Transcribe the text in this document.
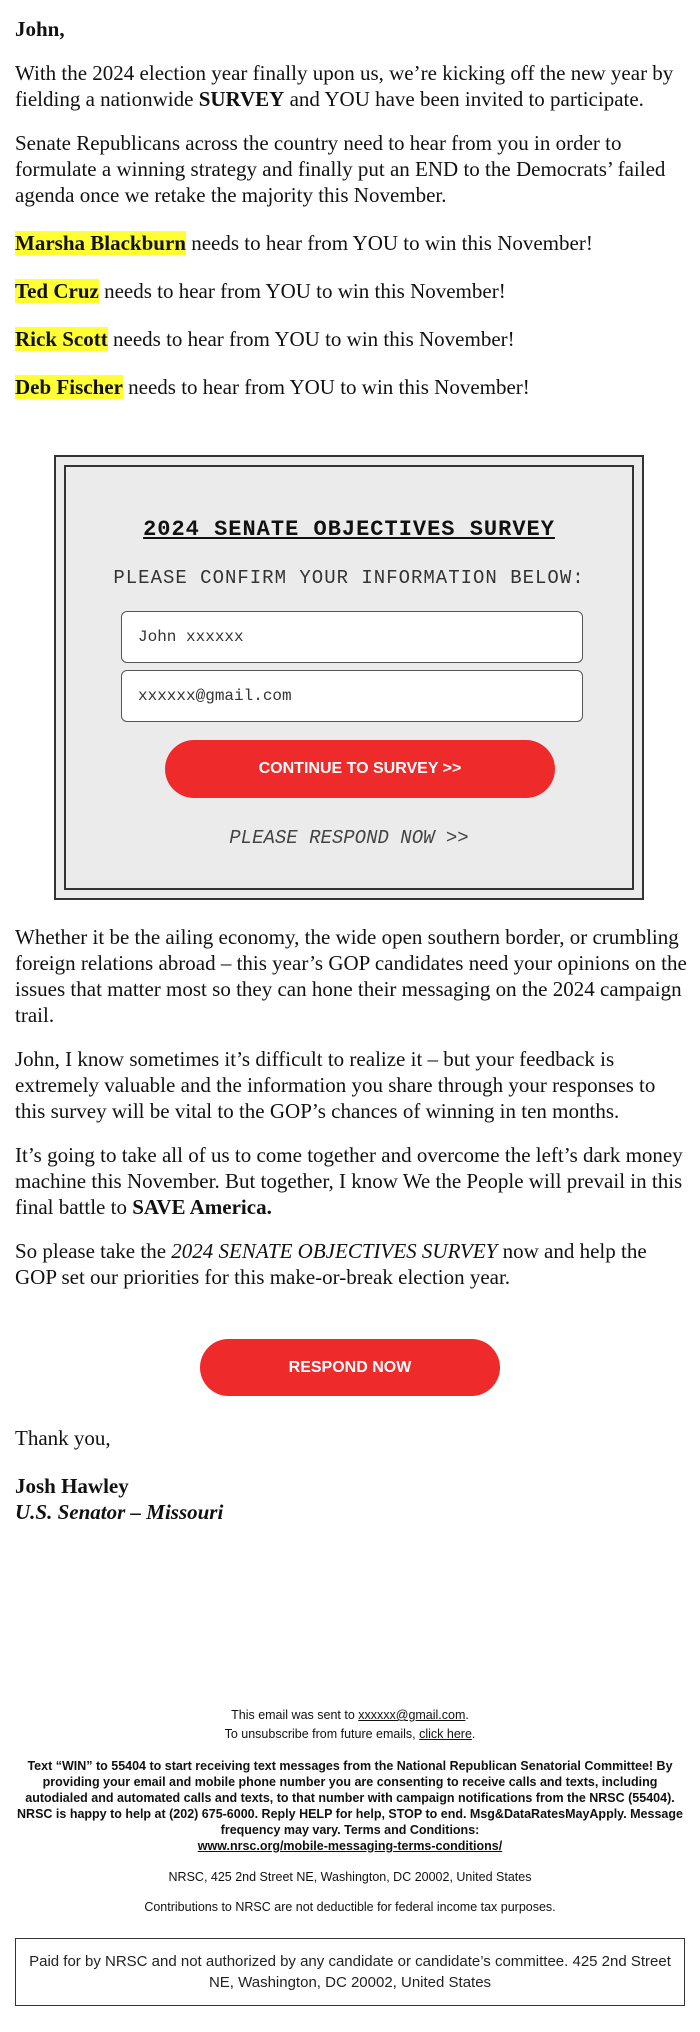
John,

With the 2024 election year finally upon us, we’re kicking off the new year by fielding a nationwide SURVEY and YOU have been invited to participate.

Senate Republicans across the country need to hear from you in order to formulate a winning strategy and finally put an END to the Democrats’ failed agenda once we retake the majority this November.

Marsha Blackburn needs to hear from YOU to win this November!
Ted Cruz needs to hear from YOU to win this November!
Rick Scott needs to hear from YOU to win this November!
Deb Fischer needs to hear from YOU to win this November!
2024 SENATE OBJECTIVES SURVEY
PLEASE CONFIRM YOUR INFORMATION BELOW:
John xxxxxx
xxxxxx@gmail.com
CONTINUE TO SURVEY >>
PLEASE RESPOND NOW >>

Whether it be the ailing economy, the wide open southern border, or crumbling foreign relations abroad – this year’s GOP candidates need your opinions on the issues that matter most so they can hone their messaging on the 2024 campaign trail.

John, I know sometimes it’s difficult to realize it – but your feedback is extremely valuable and the information you share through your responses to this survey will be vital to the GOP’s chances of winning in ten months.

It’s going to take all of us to come together and overcome the left’s dark money machine this November. But together, I know We the People will prevail in this final battle to SAVE America.

So please take the 2024 SENATE OBJECTIVES SURVEY now and help the GOP set our priorities for this make-or-break election year.

RESPOND NOW
Thank you,
Josh Hawley
U.S. Senator – Missouri
This email was sent to xxxxxx@gmail.com.
To unsubscribe from future emails, click here.
Text “WIN” to 55404 to start receiving text messages from the National Republican Senatorial Committee! By providing your email and mobile phone number you are consenting to receive calls and texts, including autodialed and automated calls and texts, to that number with campaign notifications from the NRSC (55404). NRSC is happy to help at (202) 675-6000. Reply HELP for help, STOP to end. Msg&DataRatesMayApply. Message frequency may vary. Terms and Conditions:
www.nrsc.org/mobile-messaging-terms-conditions/
NRSC, 425 2nd Street NE, Washington, DC 20002, United States
Contributions to NRSC are not deductible for federal income tax purposes.
Paid for by NRSC and not authorized by any candidate or candidate’s committee. 425 2nd Street NE, Washington, DC 20002, United States
